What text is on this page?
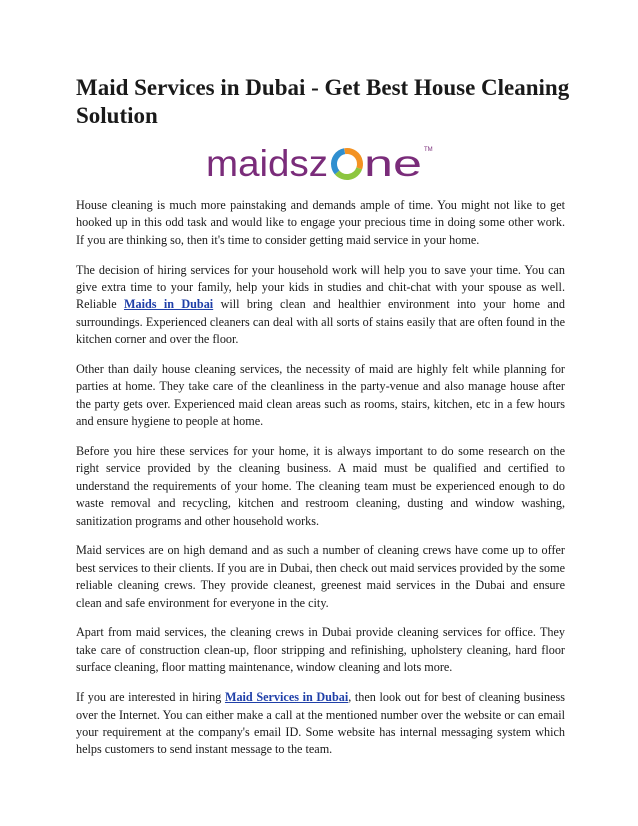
Maid Services in Dubai - Get Best House Cleaning Solution
maidsz ne TM

House cleaning is much more painstaking and demands ample of time. You might not like to get hooked up in this odd task and would like to engage your precious time in doing some other work. If you are thinking so, then it's time to consider getting maid service in your home.

The decision of hiring services for your household work will help you to save your time. You can give extra time to your family, help your kids in studies and chit-chat with your spouse as well. Reliable Maids in Dubai will bring clean and healthier environment into your home and surroundings. Experienced cleaners can deal with all sorts of stains easily that are often found in the kitchen corner and over the floor.

Other than daily house cleaning services, the necessity of maid are highly felt while planning for parties at home. They take care of the cleanliness in the party-venue and also manage house after the party gets over. Experienced maid clean areas such as rooms, stairs, kitchen, etc in a few hours and ensure hygiene to people at home.

Before you hire these services for your home, it is always important to do some research on the right service provided by the cleaning business. A maid must be qualified and certified to understand the requirements of your home. The cleaning team must be experienced enough to do waste removal and recycling, kitchen and restroom cleaning, dusting and window washing, sanitization programs and other household works.

Maid services are on high demand and as such a number of cleaning crews have come up to offer best services to their clients. If you are in Dubai, then check out maid services provided by the some reliable cleaning crews. They provide cleanest, greenest maid services in the Dubai and ensure clean and safe environment for everyone in the city.

Apart from maid services, the cleaning crews in Dubai provide cleaning services for office. They take care of construction clean-up, floor stripping and refinishing, upholstery cleaning, hard floor surface cleaning, floor matting maintenance, window cleaning and lots more.

If you are interested in hiring Maid Services in Dubai, then look out for best of cleaning business over the Internet. You can either make a call at the mentioned number over the website or can email your requirement at the company's email ID. Some website has internal messaging system which helps customers to send instant message to the team.
